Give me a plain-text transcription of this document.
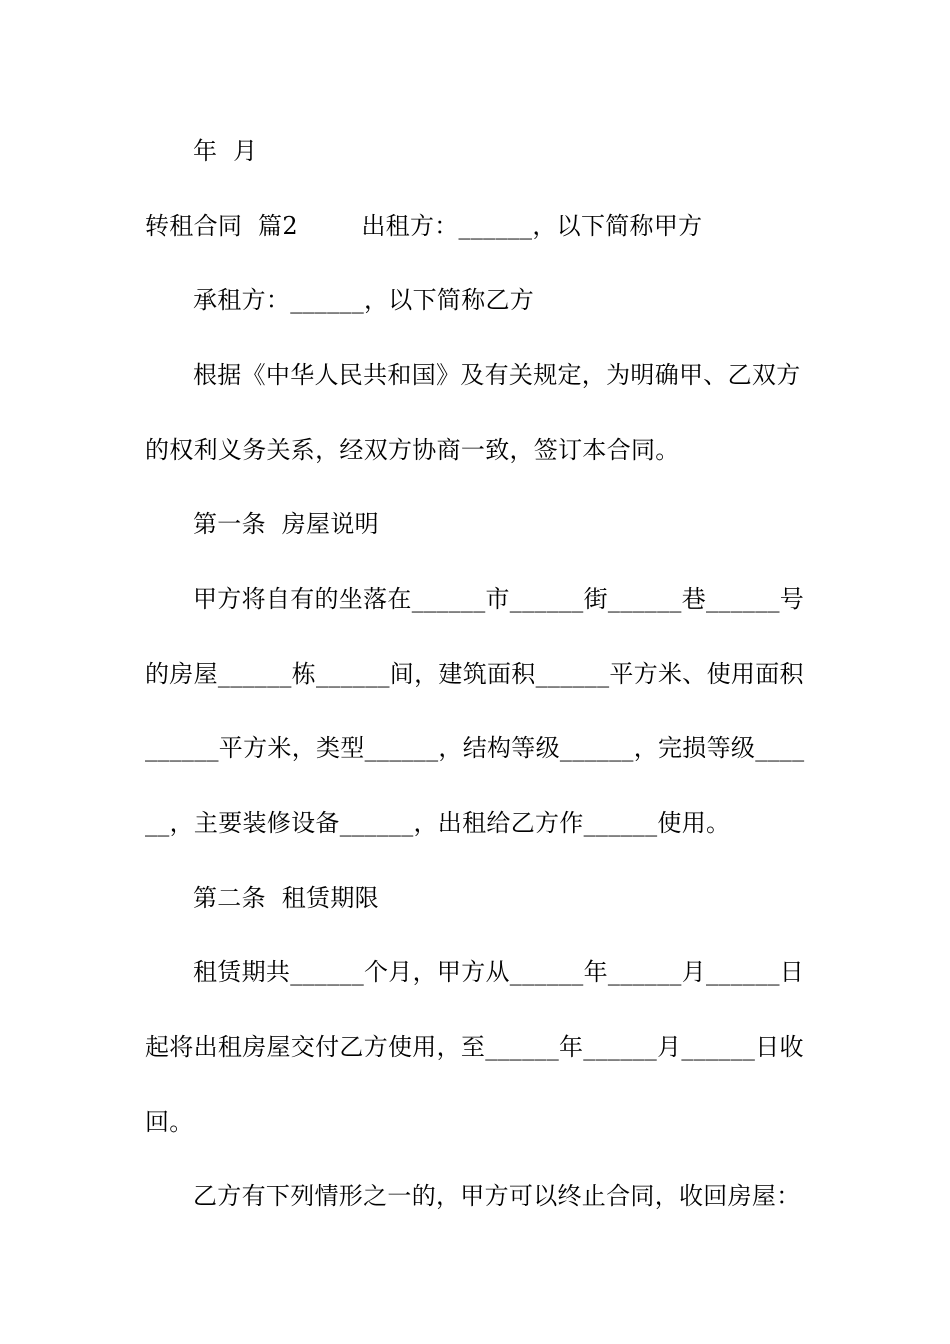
年  月
转租合同  篇2        出租方：______，以下简称甲方
承租方：______，以下简称乙方
根据《中华人民共和国》及有关规定，为明确甲、乙双方
的权利义务关系，经双方协商一致，签订本合同。
第一条  房屋说明
甲方将自有的坐落在______市______街______巷______号
的房屋______栋______间，建筑面积______平方米、使用面积
______平方米，类型______，结构等级______，完损等级____
__，主要装修设备______，出租给乙方作______使用。
第二条  租赁期限
租赁期共______个月，甲方从______年______月______日
起将出租房屋交付乙方使用，至______年______月______日收
回。
乙方有下列情形之一的，甲方可以终止合同，收回房屋：
